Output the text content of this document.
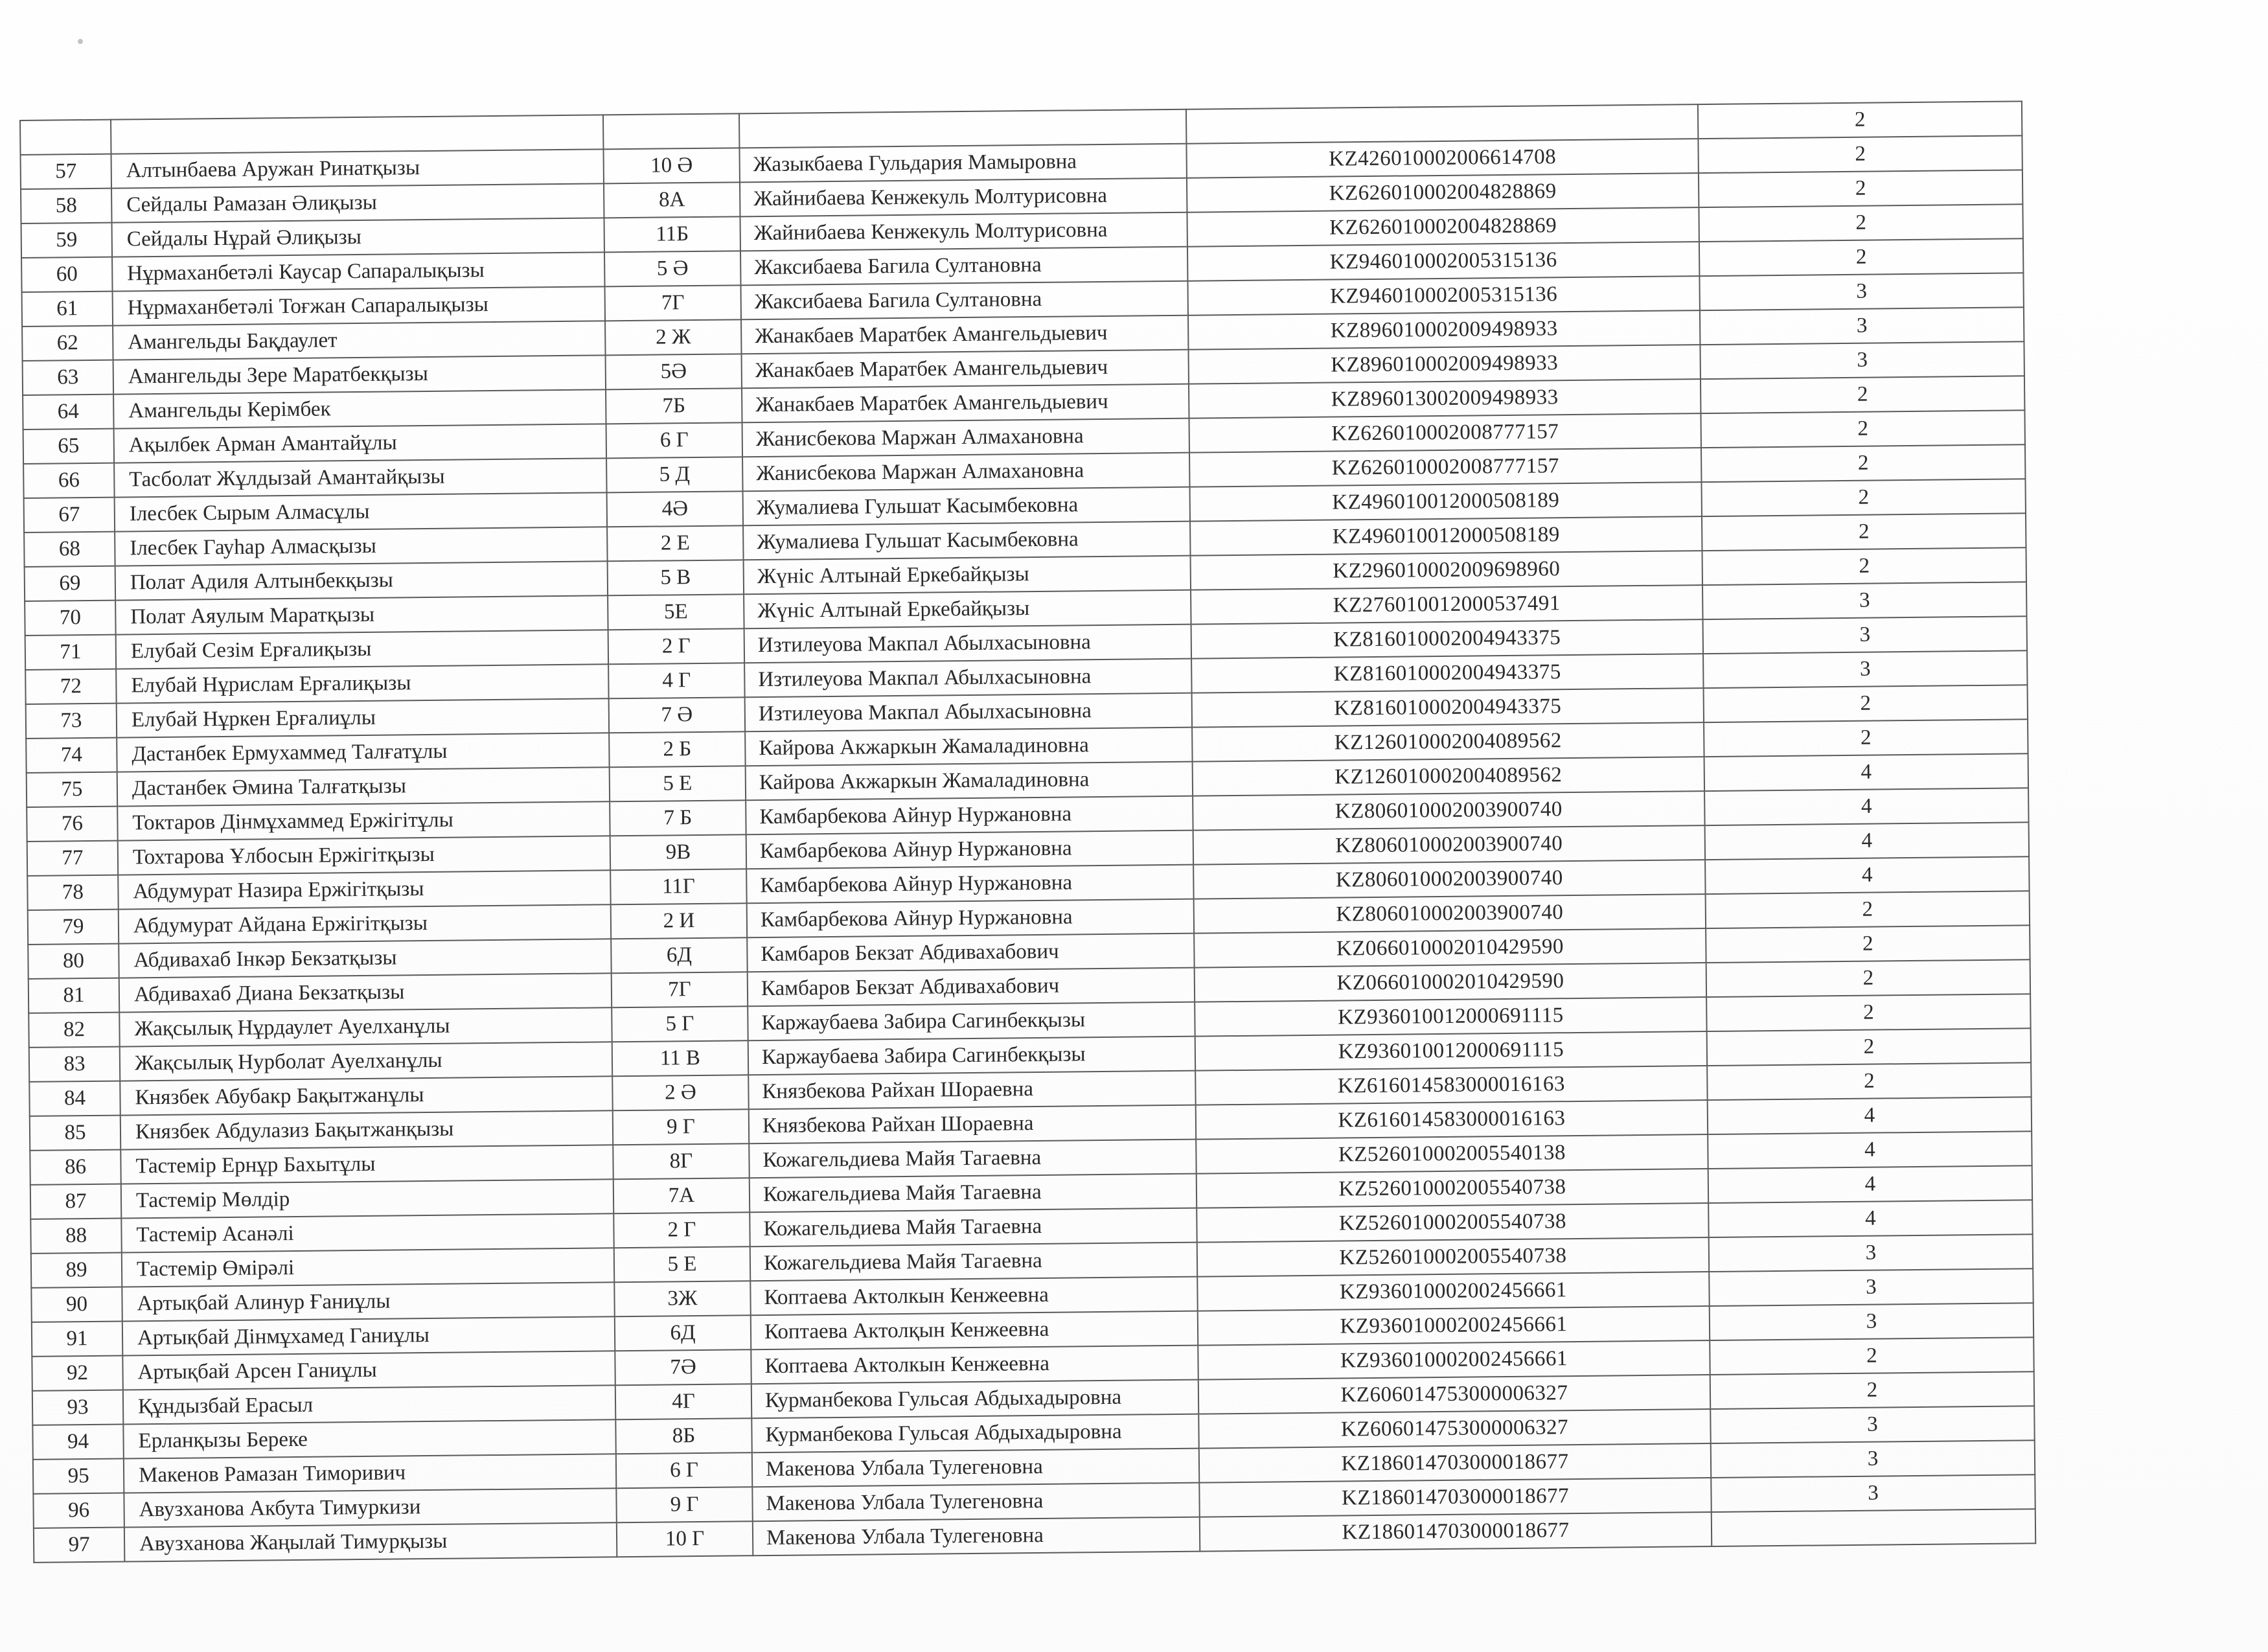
					2
57	Алтынбаева Аружан Ринатқызы	10 Ә	Жазыкбаева Гульдария Мамыровна	KZ426010002006614708	2
58	Сейдалы Рамазан Әлиқызы	8А	Жайнибаева Кенжекуль Молтурисовна	KZ626010002004828869	2
59	Сейдалы Нұрай Әлиқызы	11Б	Жайнибаева Кенжекуль Молтурисовна	KZ626010002004828869	2
60	Нұрмаханбетәлі Каусар Сапаралықызы	5 Ә	Жаксибаева Багила Султановна	KZ946010002005315136	2
61	Нұрмаханбетәлі Тоғжан Сапаралықызы	7Г	Жаксибаева Багила Султановна	KZ946010002005315136	3
62	Амангельды Бақдаулет	2 Ж	Жанакбаев Маратбек Амангельдыевич	KZ896010002009498933	3
63	Амангельды Зере Маратбекқызы	5Ә	Жанакбаев Маратбек Амангельдыевич	KZ896010002009498933	3
64	Амангельды Керімбек	7Б	Жанакбаев Маратбек Амангельдыевич	KZ896013002009498933	2
65	Ақылбек Арман Амантайұлы	6 Г	Жанисбекова Маржан Алмахановна	KZ626010002008777157	2
66	Тасболат Жұлдызай Амантайқызы	5 Д	Жанисбекова Маржан Алмахановна	KZ626010002008777157	2
67	Ілесбек Сырым Алмасұлы	4Ә	Жумалиева Гульшат Касымбековна	KZ496010012000508189	2
68	Ілесбек Гауһар Алмасқызы	2 Е	Жумалиева Гульшат Касымбековна	KZ496010012000508189	2
69	Полат Адиля Алтынбекқызы	5 В	Жүніс Алтынай Еркебайқызы	KZ296010002009698960	2
70	Полат Аяулым Маратқызы	5Е	Жүніс Алтынай Еркебайқызы	KZ276010012000537491	3
71	Елубай Сезім Ерғалиқызы	2 Г	Изтилеуова Макпал Абылхасыновна	KZ816010002004943375	3
72	Елубай Нұрислам Ерғалиқызы	4 Г	Изтилеуова Макпал Абылхасыновна	KZ816010002004943375	3
73	Елубай Нұркен Ерғалиұлы	7 Ә	Изтилеуова Макпал Абылхасыновна	KZ816010002004943375	2
74	Дастанбек Ермухаммед Талғатұлы	2 Б	Кайрова Акжаркын Жамаладиновна	KZ126010002004089562	2
75	Дастанбек Әмина Талғатқызы	5 Е	Кайрова Акжаркын Жамаладиновна	KZ126010002004089562	4
76	Токтаров Дінмұхаммед Ержігітұлы	7 Б	Камбарбекова Айнур Нуржановна	KZ806010002003900740	4
77	Тохтарова Ұлбосын Ержігітқызы	9В	Камбарбекова Айнур Нуржановна	KZ806010002003900740	4
78	Абдумурат Назира Ержігітқызы	11Г	Камбарбекова Айнур Нуржановна	KZ806010002003900740	4
79	Абдумурат Айдана Ержігітқызы	2 И	Камбарбекова Айнур Нуржановна	KZ806010002003900740	2
80	Абдивахаб Інкәр Бекзатқызы	6Д	Камбаров Бекзат Абдивахабович	KZ066010002010429590	2
81	Абдивахаб Диана Бекзатқызы	7Г	Камбаров Бекзат Абдивахабович	KZ066010002010429590	2
82	Жақсылық Нұрдаулет Ауелханұлы	5 Г	Каржаубаева Забира Сагинбекқызы	KZ936010012000691115	2
83	Жақсылық Нурболат Ауелханұлы	11 В	Каржаубаева Забира Сагинбекқызы	KZ936010012000691115	2
84	Князбек Абубакр Бақытжанұлы	2 Ә	Князбекова Райхан Шораевна	KZ616014583000016163	2
85	Князбек Абдулазиз Бақытжанқызы	9 Г	Князбекова Райхан Шораевна	KZ616014583000016163	4
86	Тастемір Ернұр Бахытұлы	8Г	Кожагельдиева Майя Тагаевна	KZ526010002005540138	4
87	Тастемір Мөлдір	7А	Кожагельдиева Майя Тагаевна	KZ526010002005540738	4
88	Тастемір Асанәлі	2 Г	Кожагельдиева Майя Тагаевна	KZ526010002005540738	4
89	Тастемір Өмірәлі	5 Е	Кожагельдиева Майя Тагаевна	KZ526010002005540738	3
90	Артықбай Алинур Ғаниұлы	3Ж	Коптаева Актолкын Кенжеевна	KZ936010002002456661	3
91	Артықбай Дінмұхамед Ганиұлы	6Д	Коптаева Актолқын Кенжеевна	KZ936010002002456661	3
92	Артықбай Арсен Ганиұлы	7Ә	Коптаева Актолкын Кенжеевна	KZ936010002002456661	2
93	Құндызбай Ерасыл	4Г	Курманбекова Гульсая Абдыхадыровна	KZ606014753000006327	2
94	Ерланқызы Береке	8Б	Курманбекова Гульсая Абдыхадыровна	KZ606014753000006327	3
95	Макенов Рамазан Тиморивич	6 Г	Макенова Улбала Тулегеновна	KZ186014703000018677	3
96	Авузханова Акбута Тимуркизи	9 Г	Макенова Улбала Тулегеновна	KZ186014703000018677	3
97	Авузханова Жаңылай Тимурқызы	10 Г	Макенова Улбала Тулегеновна	KZ186014703000018677	
